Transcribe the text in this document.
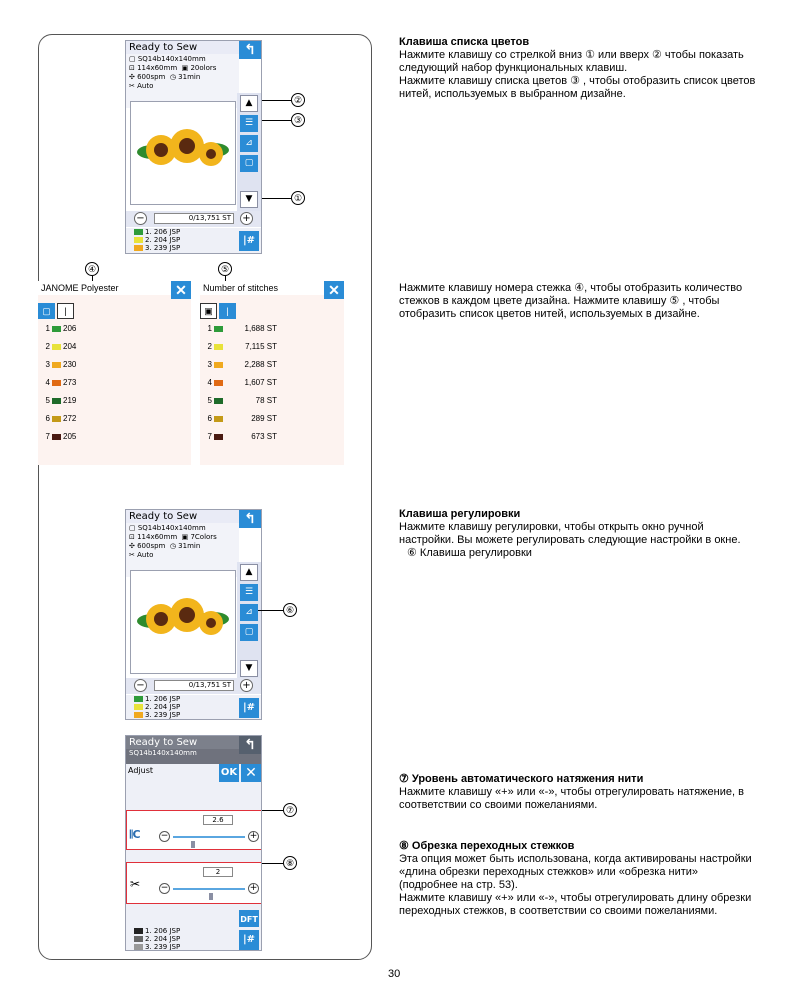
Ready to Sew	↰
▢ SQ14b140x140mm
⊡ 114x60mm  ▣ 20olors
✣ 600spm  ◷ 31min
✂ Auto
▲
☰
⊿
▢
▼
−	0/13,751 ST	+
1. 206 JSP
2. 204 JSP
3. 239 JSP
|#
②
③
①
④	⑤
JANOME Polyester	✕
▢	|
1 206
2 204
3 230
4 273
5 219
6 272
7 205
Number of stitches	✕
▣	|
1	1,688 ST
2	7,115 ST
3	2,288 ST
4	1,607 ST
5	78 ST
6	289 ST
7	673 ST
Ready to Sew	↰
▢ SQ14b140x140mm
⊡ 114x60mm  ▣ 7Colors
✣ 600spm  ◷ 31min
✂ Auto
▲
☰
⊿
▢
▼
−	0/13,751 ST	+
1. 206 JSP
2. 204 JSP
3. 239 JSP
|#
⑥
Ready to Sew	↰
SQ14b140x140mm
Adjust	OK ✕
2.6
𝄃C −	+
2
✂ −	+
DFT
1. 206 JSP
2. 204 JSP
3. 239 JSP
|#
⑦
⑧
Клавиша списка цветов
Нажмите клавишу со стрелкой вниз ① или вверх ② чтобы показать следующий набор функциональных клавиш.
Нажмите клавишу списка цветов ③ , чтобы отобразить список цветов нитей, используемых в выбранном дизайне.
Нажмите клавишу номера стежка ④, чтобы отобразить количество стежков в каждом цвете дизайна. Нажмите клавишу ⑤ , чтобы отобразить список цветов нитей, используемых в дизайне.
Клавиша регулировки
Нажмите клавишу регулировки, чтобы открыть окно ручной настройки. Вы можете регулировать следующие настройки в окне.
⑥ Клавиша регулировки
⑦ Уровень автоматического натяжения нити
Нажмите клавишу «+» или «-», чтобы отрегулировать натяжение, в соответствии со своими пожеланиями.
⑧ Обрезка переходных стежков
Эта опция может быть использована, когда активированы настройки «длина обрезки переходных стежков» или «обрезка нити» (подробнее на стр. 53).
Нажмите клавишу «+» или «-», чтобы отрегулировать длину обрезки переходных стежков, в соответствии со своими пожеланиями.
30
